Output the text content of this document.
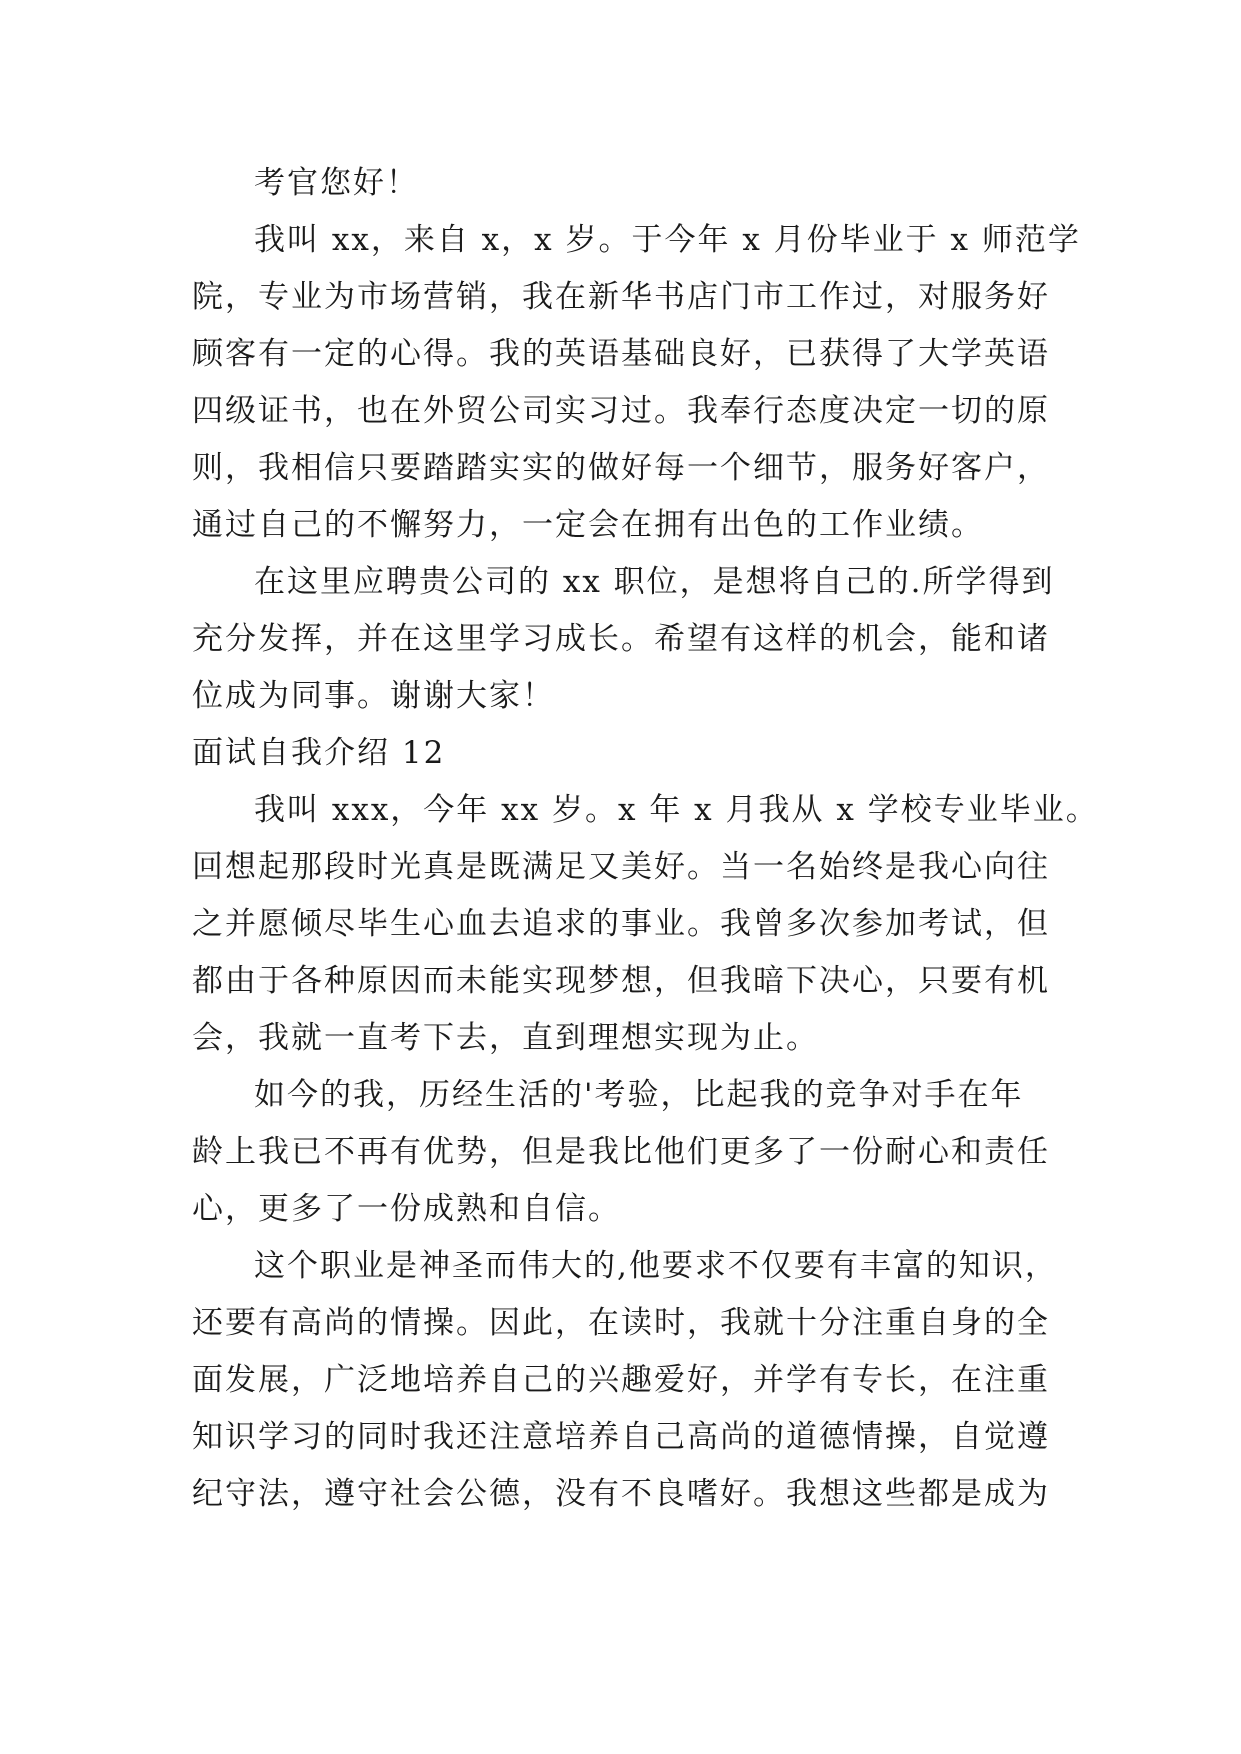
考官您好！
我叫 xx，来自 x，x 岁。于今年 x 月份毕业于 x 师范学
院，专业为市场营销，我在新华书店门市工作过，对服务好
顾客有一定的心得。我的英语基础良好，已获得了大学英语
四级证书，也在外贸公司实习过。我奉行态度决定一切的原
则，我相信只要踏踏实实的做好每一个细节，服务好客户，
通过自己的不懈努力，一定会在拥有出色的工作业绩。
在这里应聘贵公司的 xx 职位，是想将自己的.所学得到
充分发挥，并在这里学习成长。希望有这样的机会，能和诸
位成为同事。谢谢大家！
面试自我介绍 12
我叫 xxx，今年 xx 岁。x 年 x 月我从 x 学校专业毕业。
回想起那段时光真是既满足又美好。当一名始终是我心向往
之并愿倾尽毕生心血去追求的事业。我曾多次参加考试，但
都由于各种原因而未能实现梦想，但我暗下决心，只要有机
会，我就一直考下去，直到理想实现为止。
如今的我，历经生活的'考验，比起我的竞争对手在年
龄上我已不再有优势，但是我比他们更多了一份耐心和责任
心，更多了一份成熟和自信。
这个职业是神圣而伟大的,他要求不仅要有丰富的知识，
还要有高尚的情操。因此，在读时，我就十分注重自身的全
面发展，广泛地培养自己的兴趣爱好，并学有专长，在注重
知识学习的同时我还注意培养自己高尚的道德情操，自觉遵
纪守法，遵守社会公德，没有不良嗜好。我想这些都是成为
